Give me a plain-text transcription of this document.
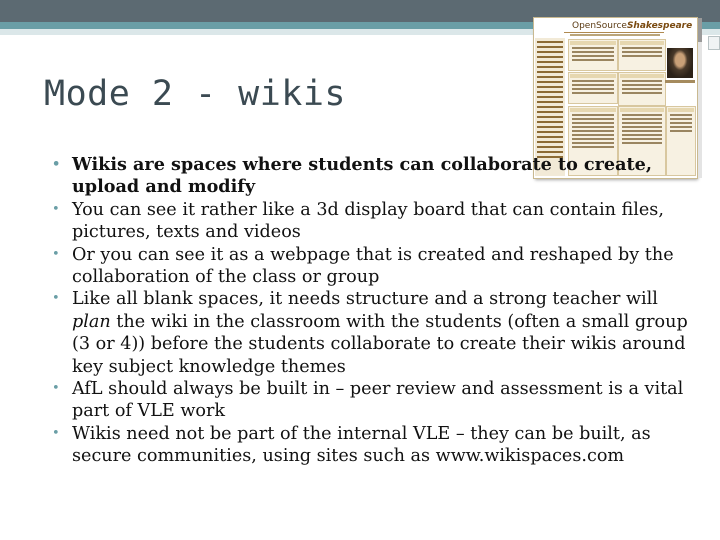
Mode 2 - wikis
OpenSourceShakespeare
• Wikis are spaces where students can collaborate to create, upload and modify
• You can see it rather like a 3d display board that can contain files, pictures, texts and videos
• Or you can see it as a webpage that is created and reshaped by the collaboration of the class or group
• Like all blank spaces, it needs structure and a strong teacher will plan the wiki in the classroom with the students (often a small group (3 or 4)) before the students collaborate to create their wikis around key subject knowledge themes
• AfL should always be built in – peer review and assessment is a vital part of VLE work
• Wikis need not be part of the internal VLE – they can be built, as secure communities, using sites such as www.wikispaces.com
